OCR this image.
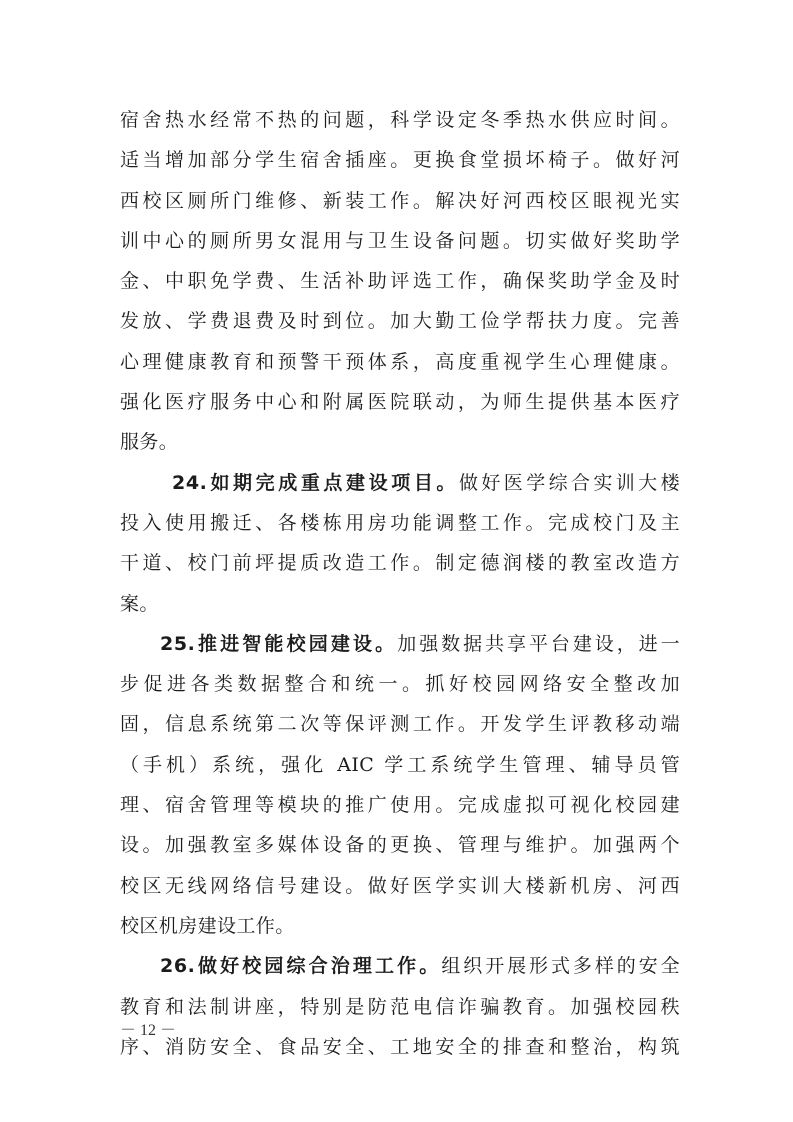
宿舍热水经常不热的问题，科学设定冬季热水供应时间。
适当增加部分学生宿舍插座。更换食堂损坏椅子。做好河
西校区厕所门维修、新装工作。解决好河西校区眼视光实
训中心的厕所男女混用与卫生设备问题。切实做好奖助学
金、中职免学费、生活补助评选工作，确保奖助学金及时
发放、学费退费及时到位。加大勤工俭学帮扶力度。完善
心理健康教育和预警干预体系，高度重视学生心理健康。
强化医疗服务中心和附属医院联动，为师生提供基本医疗
服务。
24.如期完成重点建设项目。做好医学综合实训大楼
投入使用搬迁、各楼栋用房功能调整工作。完成校门及主
干道、校门前坪提质改造工作。制定德润楼的教室改造方
案。
25.推进智能校园建设。加强数据共享平台建设，进一
步促进各类数据整合和统一。抓好校园网络安全整改加
固，信息系统第二次等保评测工作。开发学生评教移动端
（手机）系统，强化 AIC 学工系统学生管理、辅导员管
理、宿舍管理等模块的推广使用。完成虚拟可视化校园建
设。加强教室多媒体设备的更换、管理与维护。加强两个
校区无线网络信号建设。做好医学实训大楼新机房、河西
校区机房建设工作。
26.做好校园综合治理工作。组织开展形式多样的安全
教育和法制讲座，特别是防范电信诈骗教育。加强校园秩
序、消防安全、食品安全、工地安全的排查和整治，构筑
－ 12 －
